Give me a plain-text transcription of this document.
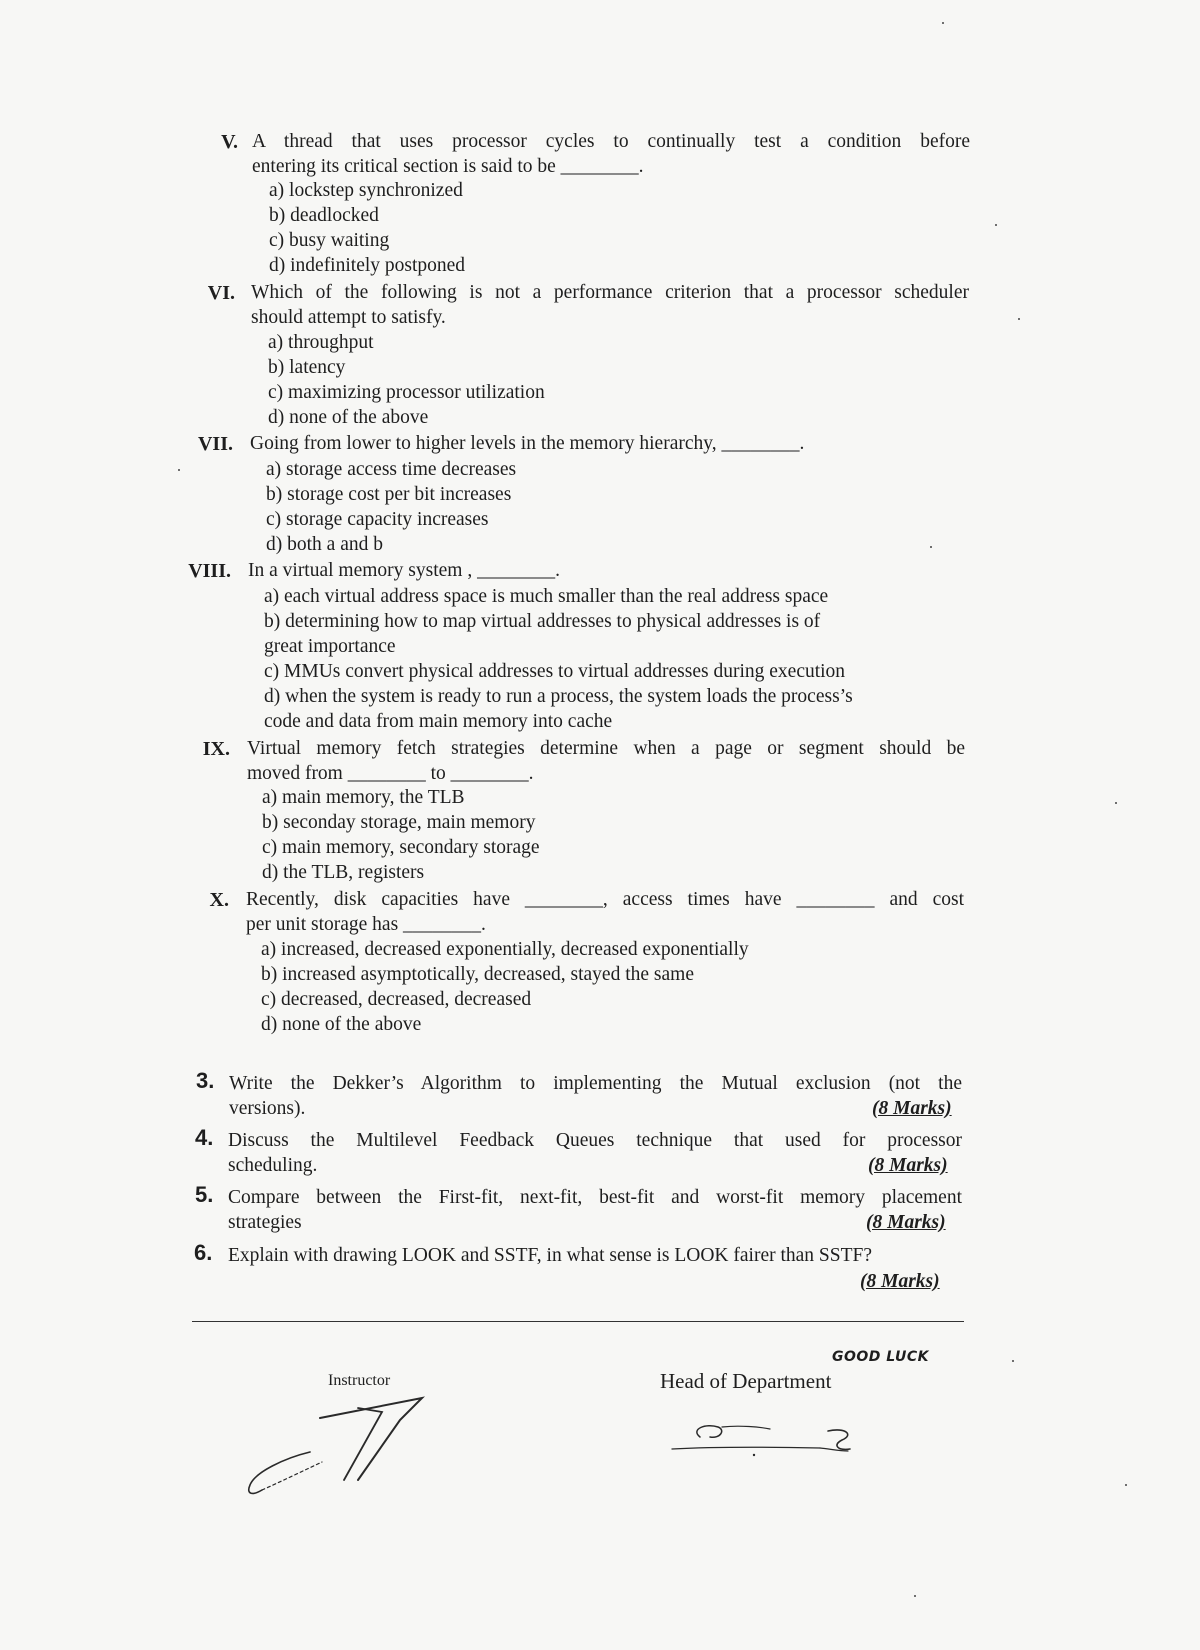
V. A thread that uses processor cycles to continually test a condition before
entering its critical section is said to be ________.
a) lockstep synchronized
b) deadlocked
c) busy waiting
d) indefinitely postponed
VI. Which of the following is not a performance criterion that a processor scheduler
should attempt to satisfy.
a) throughput
b) latency
c) maximizing processor utilization
d) none of the above
VII. Going from lower to higher levels in the memory hierarchy, ________.
a) storage access time decreases
b) storage cost per bit increases
c) storage capacity increases
d) both a and b
VIII. In a virtual memory system , ________.
a) each virtual address space is much smaller than the real address space
b) determining how to map virtual addresses to physical addresses is of
great importance
c) MMUs convert physical addresses to virtual addresses during execution
d) when the system is ready to run a process, the system loads the process’s
code and data from main memory into cache
IX. Virtual memory fetch strategies determine when a page or segment should be
moved from ________ to ________.
a) main memory, the TLB
b) seconday storage, main memory
c) main memory, secondary storage
d) the TLB, registers
X. Recently, disk capacities have ________, access times have ________ and cost
per unit storage has ________.
a) increased, decreased exponentially, decreased exponentially
b) increased asymptotically, decreased, stayed the same
c) decreased, decreased, decreased
d) none of the above
3. Write the Dekker’s Algorithm to implementing the Mutual exclusion (not the
versions).	(8 Marks)
4. Discuss the Multilevel Feedback Queues technique that used for processor
scheduling.	(8 Marks)
5. Compare between the First-fit, next-fit, best-fit and worst-fit memory placement
strategies	(8 Marks)
6. Explain with drawing LOOK and SSTF, in what sense is LOOK fairer than SSTF?
(8 Marks)
GOOD LUCK
Instructor	Head of Department
